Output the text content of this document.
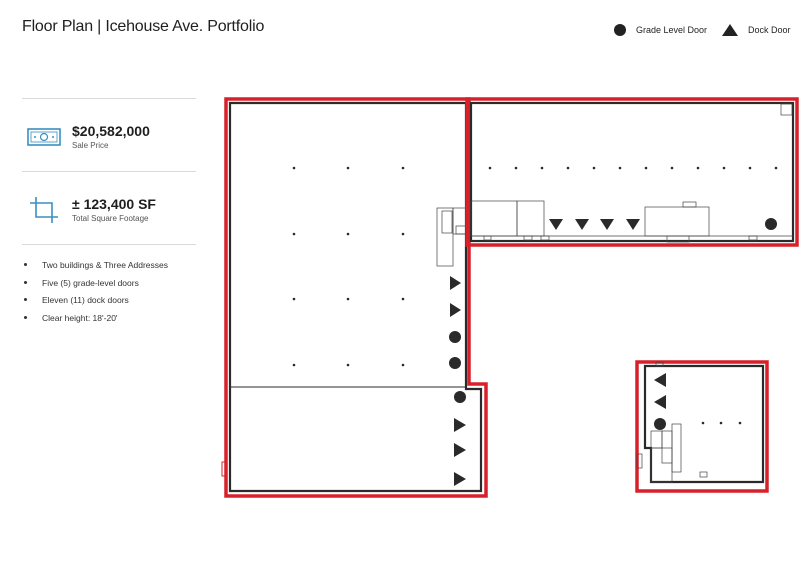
Floor Plan | Icehouse Ave. Portfolio	Grade Level Door	Dock Door
$20,582,000
Sale Price
± 123,400 SF
Total Square Footage
Two buildings & Three Addresses
Five (5) grade-level doors
Eleven (11) dock doors
Clear height: 18'-20'
